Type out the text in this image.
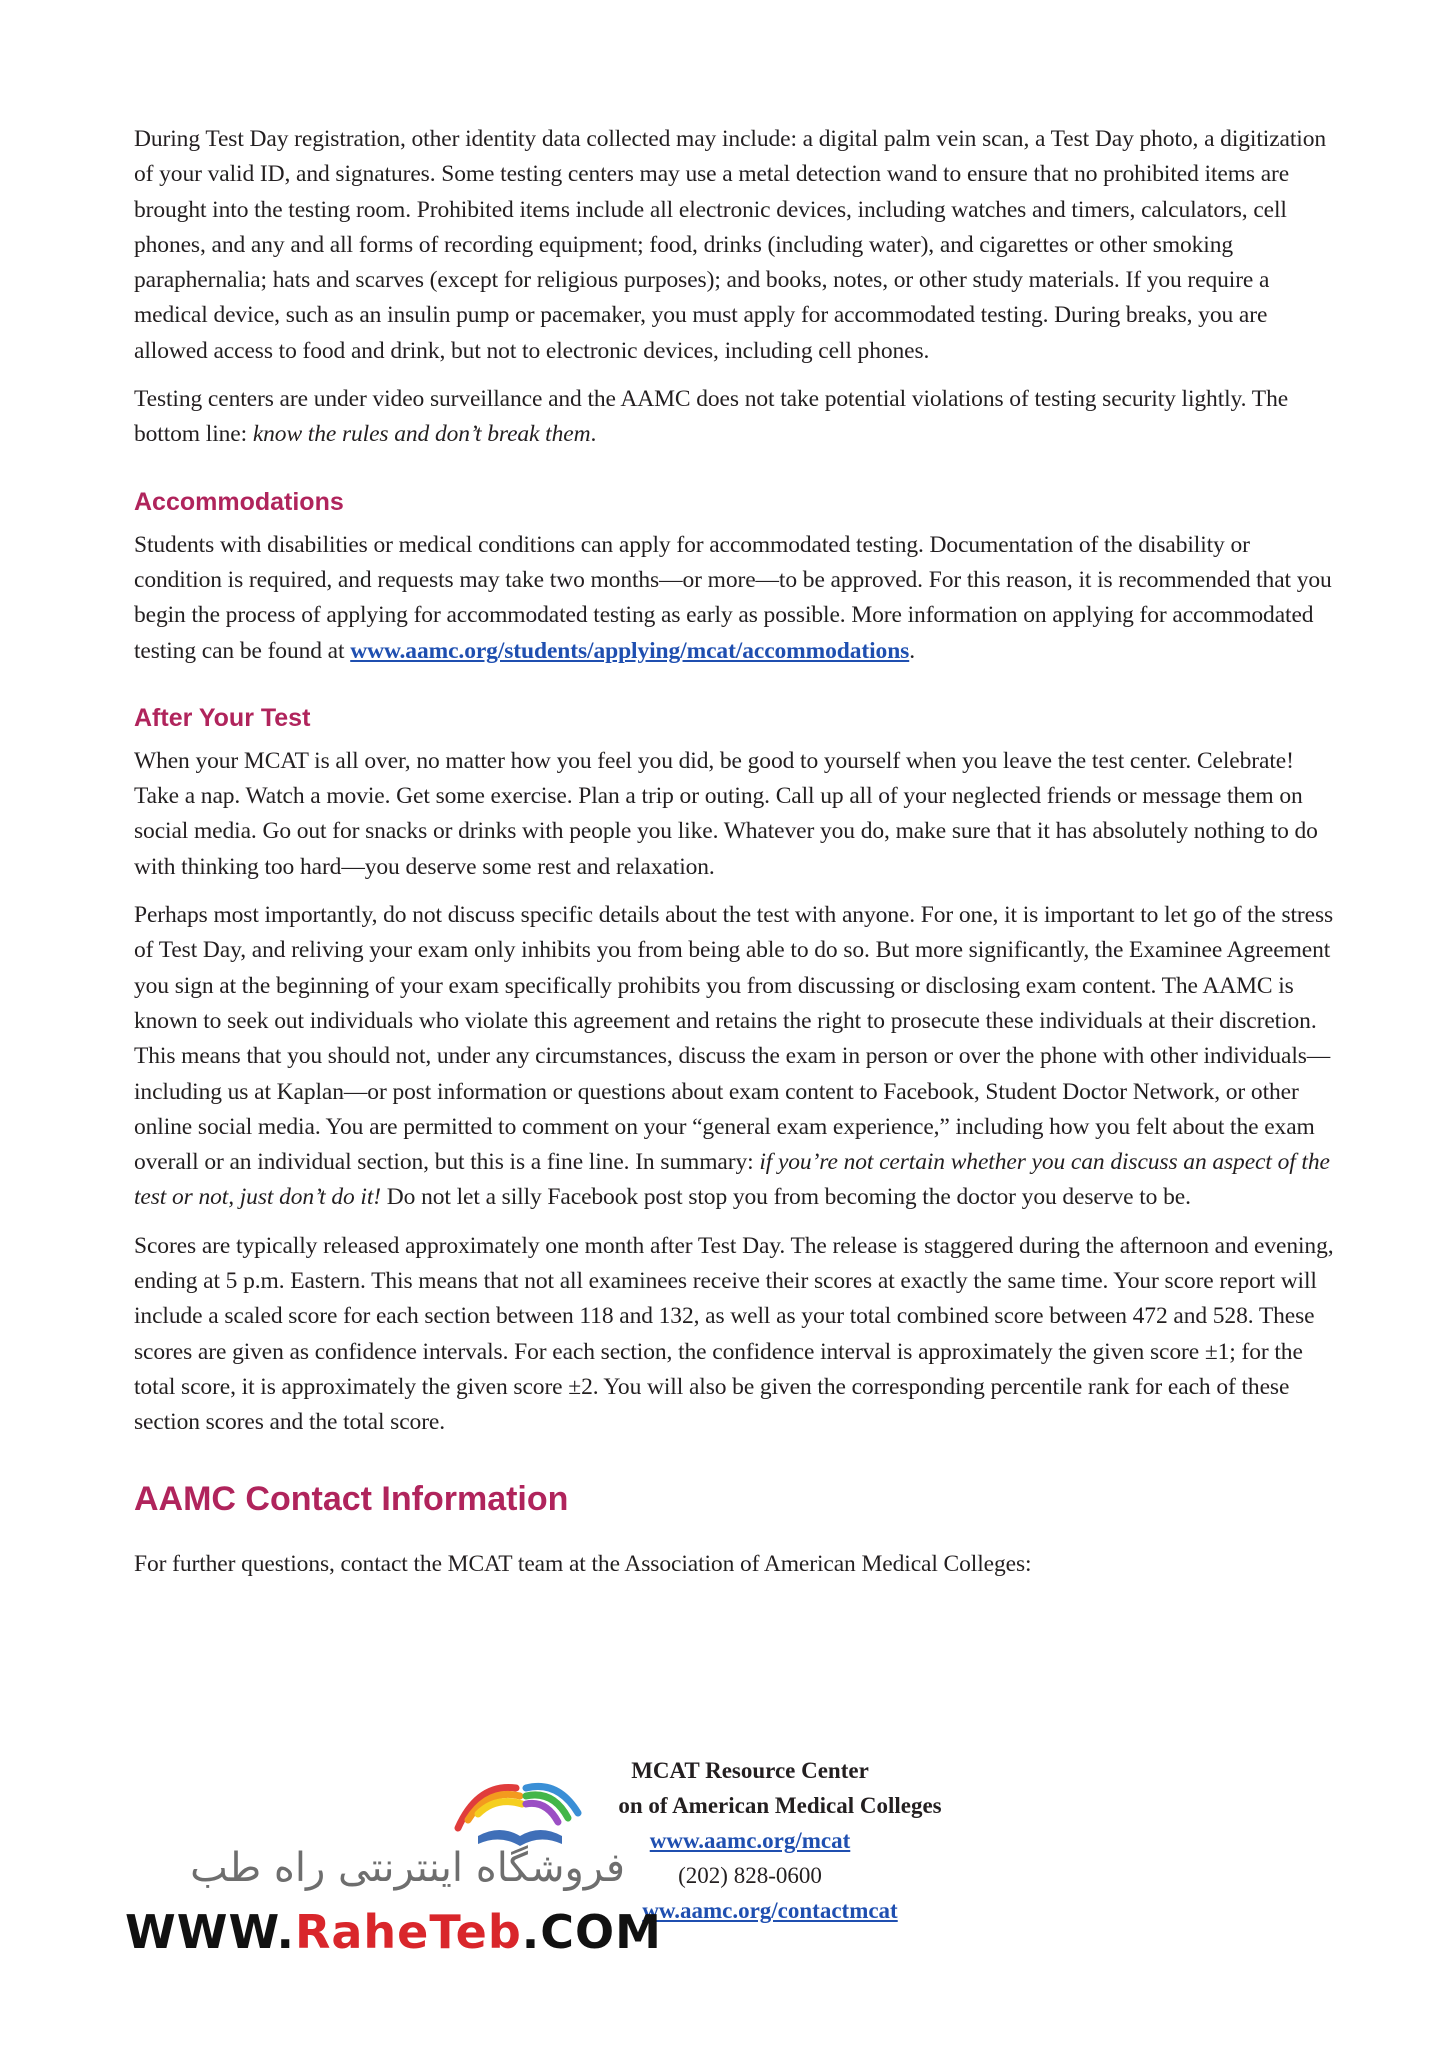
During Test Day registration, other identity data collected may include: a digital palm vein scan, a Test Day photo, a digitization of your valid ID, and signatures. Some testing centers may use a metal detection wand to ensure that no prohibited items are brought into the testing room. Prohibited items include all electronic devices, including watches and timers, calculators, cell phones, and any and all forms of recording equipment; food, drinks (including water), and cigarettes or other smoking paraphernalia; hats and scarves (except for religious purposes); and books, notes, or other study materials. If you require a medical device, such as an insulin pump or pacemaker, you must apply for accommodated testing. During breaks, you are allowed access to food and drink, but not to electronic devices, including cell phones.

Testing centers are under video surveillance and the AAMC does not take potential violations of testing security lightly. The bottom line: know the rules and don’t break them.

Accommodations

Students with disabilities or medical conditions can apply for accommodated testing. Documentation of the disability or condition is required, and requests may take two months—or more—to be approved. For this reason, it is recommended that you begin the process of applying for accommodated testing as early as possible. More information on applying for accommodated testing can be found at www.aamc.org/students/applying/mcat/accommodations.

After Your Test

When your MCAT is all over, no matter how you feel you did, be good to yourself when you leave the test center. Celebrate! Take a nap. Watch a movie. Get some exercise. Plan a trip or outing. Call up all of your neglected friends or message them on social media. Go out for snacks or drinks with people you like. Whatever you do, make sure that it has absolutely nothing to do with thinking too hard—you deserve some rest and relaxation.

Perhaps most importantly, do not discuss specific details about the test with anyone. For one, it is important to let go of the stress of Test Day, and reliving your exam only inhibits you from being able to do so. But more significantly, the Examinee Agreement you sign at the beginning of your exam specifically prohibits you from discussing or disclosing exam content. The AAMC is known to seek out individuals who violate this agreement and retains the right to prosecute these individuals at their discretion. This means that you should not, under any circumstances, discuss the exam in person or over the phone with other individuals—including us at Kaplan—or post information or questions about exam content to Facebook, Student Doctor Network, or other online social media. You are permitted to comment on your “general exam experience,” including how you felt about the exam overall or an individual section, but this is a fine line. In summary: if you’re not certain whether you can discuss an aspect of the test or not, just don’t do it! Do not let a silly Facebook post stop you from becoming the doctor you deserve to be.

Scores are typically released approximately one month after Test Day. The release is staggered during the afternoon and evening, ending at 5 p.m. Eastern. This means that not all examinees receive their scores at exactly the same time. Your score report will include a scaled score for each section between 118 and 132, as well as your total combined score between 472 and 528. These scores are given as confidence intervals. For each section, the confidence interval is approximately the given score ±1; for the total score, it is approximately the given score ±2. You will also be given the corresponding percentile rank for each of these section scores and the total score.

AAMC Contact Information

For further questions, contact the MCAT team at the Association of American Medical Colleges:

MCAT Resource Center
on of American Medical Colleges
www.aamc.org/mcat
(202) 828-0600
ww.aamc.org/contactmcat
فروشگاه اینترنتی راه طب
WWW.RaheTeb.COM
